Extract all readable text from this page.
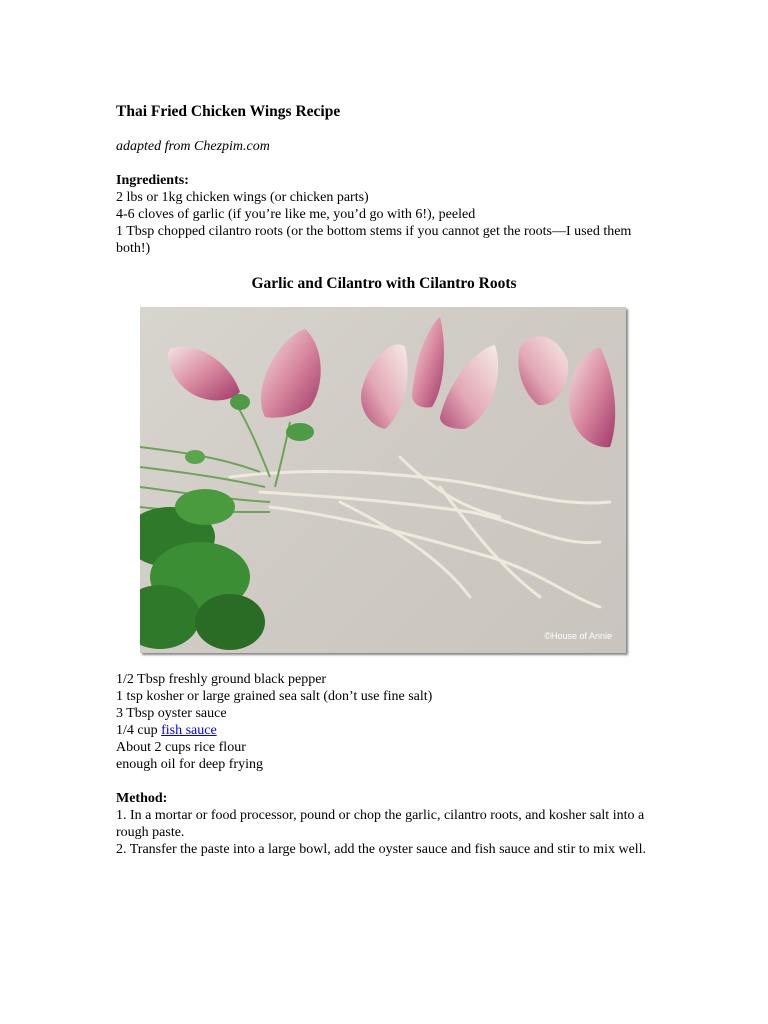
Thai Fried Chicken Wings Recipe

adapted from Chezpim.com

Ingredients:
2 lbs or 1kg chicken wings (or chicken parts)
4-6 cloves of garlic (if you’re like me, you’d go with 6!), peeled
1 Tbsp chopped cilantro roots (or the bottom stems if you cannot get the roots—I used them both!)

Garlic and Cilantro with Cilantro Roots

©House of Annie
1/2 Tbsp freshly ground black pepper
1 tsp kosher or large grained sea salt (don’t use fine salt)
3 Tbsp oyster sauce
1/4 cup fish sauce
About 2 cups rice flour
enough oil for deep frying
Method:
1. In a mortar or food processor, pound or chop the garlic, cilantro roots, and kosher salt into a rough paste.
2. Transfer the paste into a large bowl, add the oyster sauce and fish sauce and stir to mix well.
